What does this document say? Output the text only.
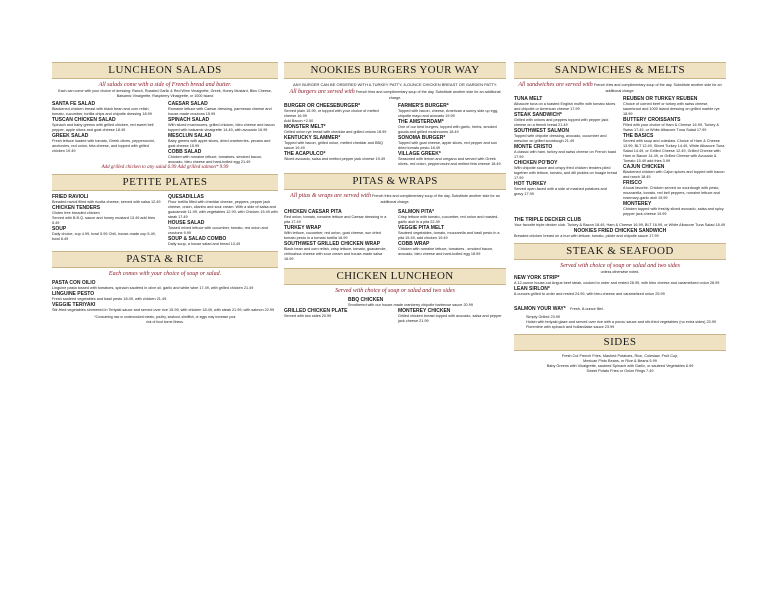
LUNCHEON SALADS
All salads come with a side of French bread and butter.
Each can come with your choice of dressing: Ranch, Roasted Garlic & Red Wine Vinaigrette, Greek, Honey Mustard, Bleu Cheese, Balsamic Vinaigrette, Raspberry Vinaigrette, or 1000 Island
SANTA FE SALAD
Blackened chicken breast with black bean and corn relish, tomato, cucumber, tortilla chips and chipotle dressing 18.99
TUSCAN CHICKEN SALAD
Spinach and baby greens with grilled chicken, red sweet bell pepper, apple slices and goat cheese 18.49
GREEK SALAD
Fresh lettuce loaded with tomato, Greek olives, pepperoncini, anchovies, red onion, feta cheese, and topped with grilled chicken 19.49
CAESAR SALAD
Romaine lettuce with Caesar dressing, parmesan cheese and house-made croutons 15.99
SPINACH SALAD
With sliced mushrooms, grilled chicken, bleu cheese and bacon topped with balsamic vinaigrette 14.49, with avocado 16.99
MESCLUN SALAD
Baby greens with apple slices, dried cranberries, pecans and goat cheese 15.99
COBB SALAD
Chicken with romaine lettuce, tomatoes, smoked bacon, avocado, bleu cheese and hard-boiled egg 21.49
Add grilled chicken to any salad 6.99 Add grilled salmon* 9.99
PETITE PLATES
FRIED RAVIOLI
Breaded ravioli filled with ricotta cheese, served with salsa 12.49
CHICKEN TENDERS
Gluten free breaded chicken
Served with B.B.Q. sauce and honey mustard 13.49 add fries 5.49
SOUP
Daily choice, cup 4.99, bowl 5.99 Chili, house-made cup 5.49, bowl 6.49
QUESADILLAS
Flour tortilla filled with cheddar cheese, peppers, pepper jack cheese, onion, cilantro and sour cream. With a side of salsa and guacamole 11.99, with vegetables 12.99, with Chicken 15.49 with steak 17.49
HOUSE SALAD
Tossed mixed lettuce with cucumber, tomato, red onion and croutons 9.99
SOUP & SALAD COMBO
Daily soup, a house salad and bread 13.49
PASTA & RICE
Each comes with your choice of soup or salad.
PASTA CON OILIO
Linguine pasta tossed with tomatoes, spinach sautéed in olive oil, garlic and white wine 17.49, with grilled chicken 21.49
LINGUINE PESTO
Fresh sauteed vegetables and basil pesto 18.49, with chicken 21.49.
VEGGIE TERIYAKI
Stir-fried vegetables simmered in Teriyaki sauce and served over rice 15.99, with chicken 18.49, with steak 21.99, with salmon 22.99
*Consuming raw or undercooked meats, poultry, seafood, shellfish, or eggs may increase your risk of food borne illness.
NOOKIES BURGERS YOUR WAY
ANY BURGER CAN BE ORDERED WITH A TURKEY PATTY, 8-OUNCE CHICKEN BREAST OR GARDEN PATTY.
All burgers are served with French fries and complimentary soup of the day. Substitute another side for an additional charge.
BURGER OR CHEESEBURGER*
Served plain 15.99, or topped with your choice of melted cheese 16.99
Add Bacon +2.50
MONSTER MELT*
Grilled onion rye bread with cheddar and grilled onions 18.99
KENTUCKY SLAMMER*
Topped with bacon, grilled onion, melted cheddar and BBQ sauce 19.49
THE ACAPULCO*
Sliced avocado, salsa and melted pepper jack cheese 19.49
FARMER'S BURGER*
Topped with bacon, cheese, American a sunny side up egg, chipotle mayo and avocado 19.99
THE AMSTERDAM*
One of our best burgers, topped with garlic, herbs, smoked gouda and grilled mushrooms 18.49
SONOMA BURGER*
Topped with goat cheese, apple slices, red pepper and sun dried tomato pesto 18.49
VILLAGE GREEK*
Seasoned with lemon and oregano and served with Greek olives, red onion, pepperoncini and melted feta cheese 18.49
PITAS & WRAPS
All pitas & wraps are served with French fries and complimentary soup of the day. Substitute another side for an additional charge.
CHICKEN CAESAR PITA
Red onion, tomato, romaine lettuce and Caesar dressing in a pita 17.49
TURKEY WRAP
With lettuce, cucumber, red onion, goat cheese, sun dried tomato pesto in a tomato tortilla 16.99
SOUTHWEST GRILLED CHICKEN WRAP
Black bean and corn relish, crisp lettuce, tomato, guacamole, chihuahua cheese with sour cream and house-made salsa 16.99
SALMON PITA*
Crisp lettuce with tomato, cucumber, red onion and roasted-garlic aioli in a pita 22.49
VEGGIE PITA MELT
Sauteed vegetables, tomato, mozzarella and basil pesto in a pita 15.49, add chicken 19.49
COBB WRAP
Chicken with romaine lettuce, tomatoes , smoked bacon, avocado, bleu cheese and hard-boiled egg 18.99
CHICKEN LUNCHEON
Served with choice of soup or salad and two sides
BBQ CHICKEN
Smothered with our house-made cranberry chipotle barbecue sauce 20.99
GRILLED CHICKEN PLATE
Served with two sides 20.99
MONTEREY CHICKEN
Grilled chicken breast topped with avocado, salsa and pepper jack cheese 21.99
SANDWICHES & MELTS
All sandwiches are served with French fries and complimentary soup of the day. Substitute another side for an additional charge.
TUNA MELT
Albacore tuna on a toasted English muffin with tomato slices and chipotle or American cheese 17.99
STEAK SANDWICH*
Grilled with onions and peppers topped with pepper jack cheese on a french bread 21.49
SOUTHWEST SALMON
Topped with chipotle dressing, avocado, cucumber and mesclun on grilled sourdough 21.49
MONTE CRISTO
A classic with ham, turkey and swiss cheese on French toast 17.99
CHICKEN PO'BOY
With chipotle sauce and crispy fried chicken tenders piled together with lettuce, tomato, and dill pickles on hoagie bread 17.99
HOT TURKEY
Served open-faced with a side of mashed potatoes and gravy 17.99
REUBEN OR TURKEY REUBEN
Choice of corned beef or turkey with swiss cheese, sauerkraut and 1000 island dressing on grilled marble rye 18.99
BUTTERY CROISSANTS
Filled with your choice of Ham & Cheese 16.99, Turkey & Swiss 17.49, or White Albacore Tuna Salad 17.99
THE BASICS
Served with soup and coleslaw. Choice of Ham & Cheese 13.99, BLT 12.49, Sliced Turkey 14.49, White Albacore Tuna Salad 14.49, or Grilled Cheese 12.49, Grilled Cheese with Ham or Bacon 14.49, or Grilled Cheese with Avocado & Tomato 15.49 add fries 3.99
CAJUN CHICKEN
Blackened chicken with Cajun spices and topped with bacon and ranch 18.49
FRISCO
A local favorite. Chicken served on sourdough with pesto, mozzarella, tomato, red bell peppers, romaine lettuce and rosemary-garlic aioli 19.99
MONTEREY
Chicken topped with freshly sliced avocado, salsa and spicy pepper jack cheese 19.99
THE TRIPLE DECKER CLUB
Your favorite triple decker club. Turkey & Bacon 18.49, Ham & Cheese 16.99, BLT 16.99, or White Albacore Tuna Salad 18.49
NOOKIES FRIED CHICKEN SANDWICH
Breaded chicken breast on a bun with lettuce, tomato, pickle and chipotle sauce 17.99
STEAK & SEAFOOD
Served with choice of soup or salad and two sides
unless otherwise noted.
NEW YORK STRIP*
A 12-ounce house-cut Angus beef steak, cooked to order and rested 28.99, with bleu cheese and caramelized onion 28.99
LEAN SIRLON*
8-ounces grilled to order and rested 24.99, with bleu cheese and caramelized onion 25.99
SALMON YOUR WAY* Fresh, 8-ounce filet.
Simply Grilled 23.99
Hoisin with teriyaki glaze and served over rice with a ponzu sauce and stir-fried vegetables (no extra sides) 23.99
Florentine with spinach and hollandaise sauce 23.99
SIDES
Fresh Cut French Fries, Mashed Potatoes, Rice, Coleslaw, Fruit Cup,
Mexican Pinto Beans, or Rice & Beans 5.99
Baby Greens with Vinaigrette, sauteed Spinach with Garlic, or sauteed Vegetables 6.99
Sweet Potato Fries or Onion Rings 7.49
